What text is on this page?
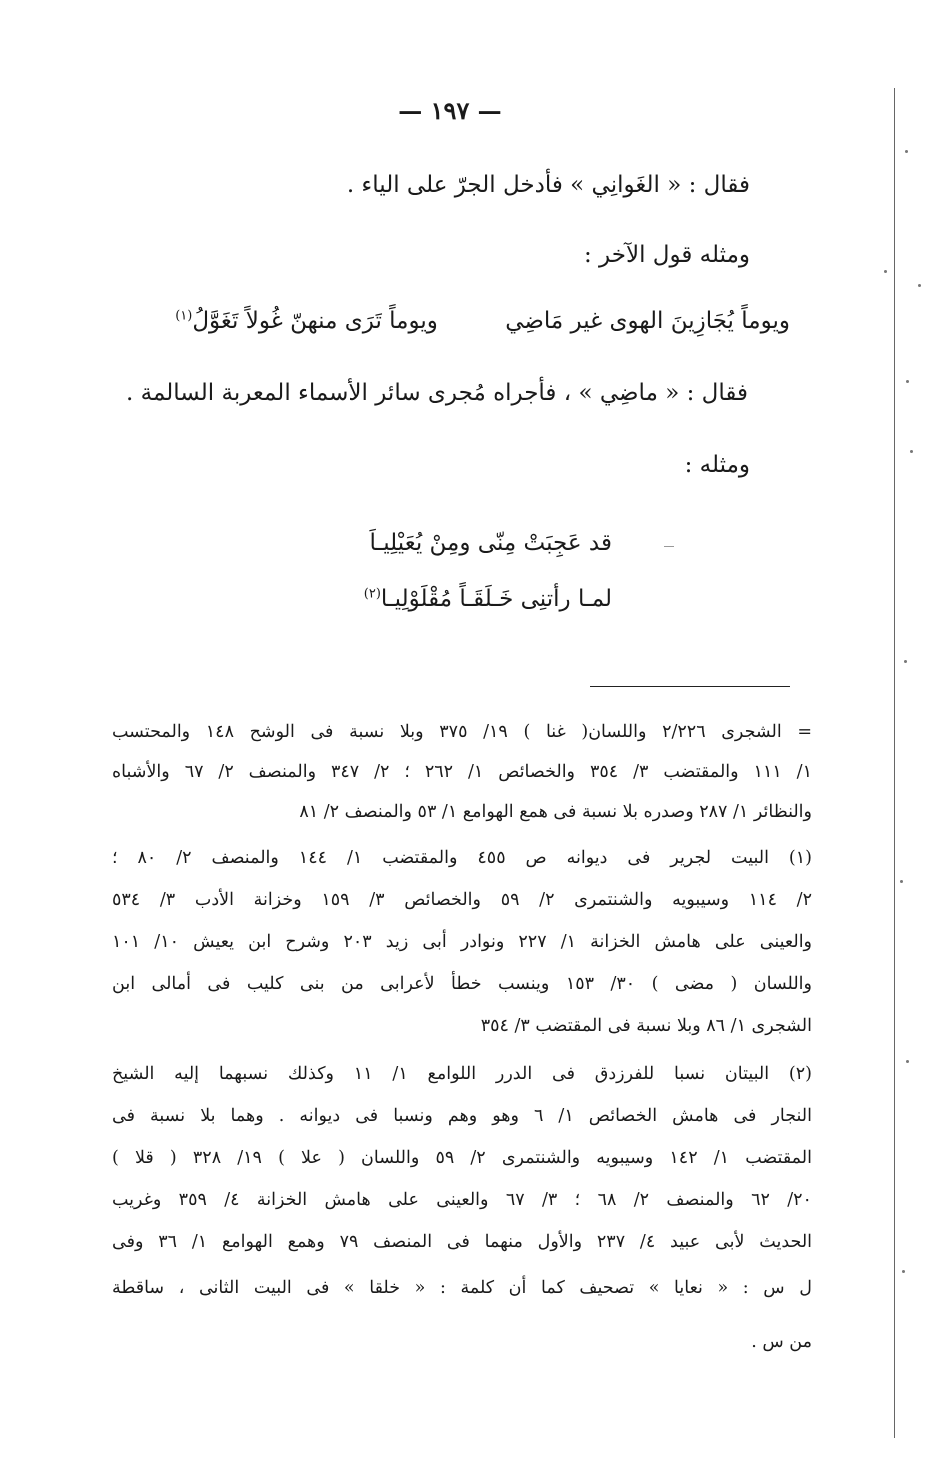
— ١٩٧ —
فقال : « الغَوانِي » فأدخل الجرّ على الياء .
ومثله قول الآخر :
ويوماً يُجَازِينَ الهوى غير مَاضِي ويوماً تَرَى منهنّ غُولاً تَغَوَّلُ$^{(١)}$
فقال : « ماضِي » ، فأجراه مُجرى سائر الأسماء المعربة السالمة .
ومثله :
قد عَجِبَتْ مِنّى ومِنْ يُعَيْلِيـاَ
لمـا رأتنِى خَـلَقَـاً مُقْلَوْلِيـا$^{(٢)}$
= الشجرى ٢/٢٢٦ واللسان( غنا ) ١٩/ ٣٧٥ وبلا نسبة فى الوشح ١٤٨ والمحتسب
١/ ١١١ والمقتضب ٣/ ٣٥٤ والخصائص ١/ ٢٦٢ ؛ ٢/ ٣٤٧ والمنصف ٢/ ٦٧ والأشباه
والنظائر ١/ ٢٨٧ وصدره بلا نسبة فى همع الهوامع ١/ ٥٣ والمنصف ٢/ ٨١
(١) البيت لجرير فى ديوانه ص ٤٥٥ والمقتضب ١/ ١٤٤ والمنصف ٢/ ٨٠ ؛
٢/ ١١٤ وسيبويه والشنتمرى ٢/ ٥٩ والخصائص ٣/ ١٥٩ وخزانة الأدب ٣/ ٥٣٤
والعينى على هامش الخزانة ١/ ٢٢٧ ونوادر أبى زيد ٢٠٣ وشرح ابن يعيش ١٠/ ١٠١
واللسان ( مضى ) ٣٠/ ١٥٣ وينسب خطأ لأعرابى من بنى كليب فى أمالى ابن
الشجرى ١/ ٨٦ وبلا نسبة فى المقتضب ٣/ ٣٥٤
(٢) البيتان نسبا للفرزدق فى الدرر اللوامع ١/ ١١ وكذلك نسبهما إليه الشيخ
النجار فى هامش الخصائص ١/ ٦ وهو وهم ونسبا فى ديوانه . وهما بلا نسبة فى
المقتضب ١/ ١٤٢ وسيبويه والشنتمرى ٢/ ٥٩ واللسان ( علا ) ١٩/ ٣٢٨ ( قلا )
٢٠/ ٦٢ والمنصف ٢/ ٦٨ ؛ ٣/ ٦٧ والعينى على هامش الخزانة ٤/ ٣٥٩ وغريب
الحديث لأبى عبيد ٤/ ٢٣٧ والأول منهما فى المنصف ٧٩ وهمع الهوامع ١/ ٣٦ وفى
ل س : « نعايا » تصحيف كما أن كلمة : « خلقا » فى البيت الثانى ، ساقطة
من س .
